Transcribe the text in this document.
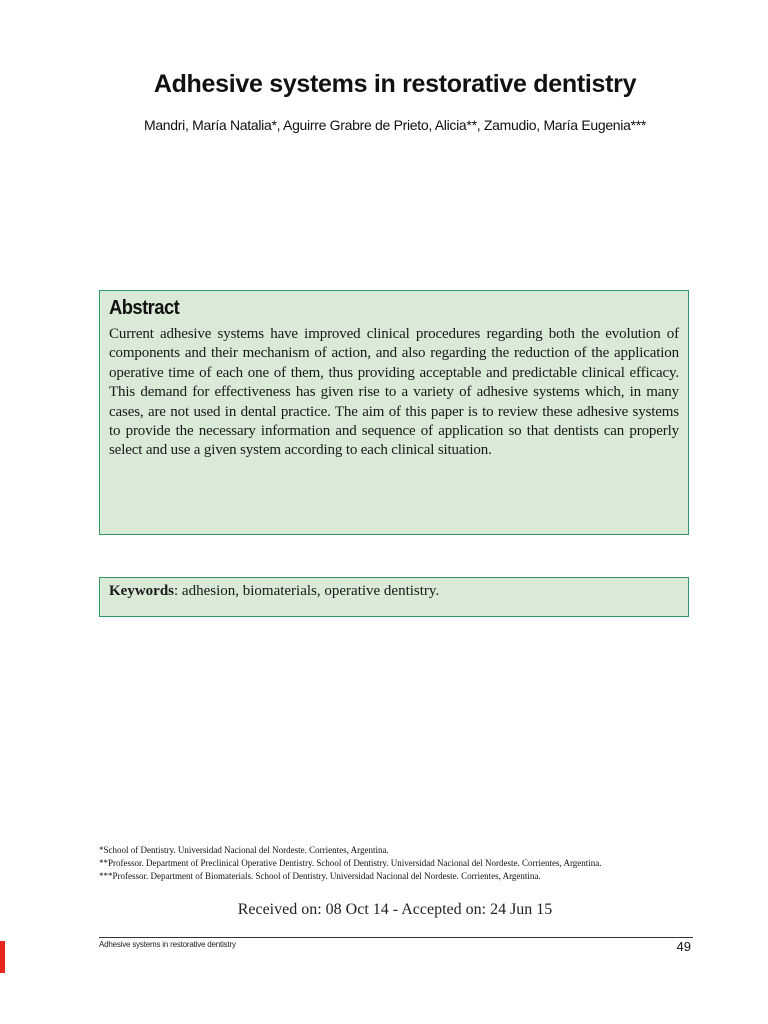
Adhesive systems in restorative dentistry
Mandri, María Natalia*, Aguirre Grabre de Prieto, Alicia**, Zamudio, María Eugenia***
Abstract

Current adhesive systems have improved clinical procedures regarding both the evolution of components and their mechanism of action, and also regarding the reduction of the application operative time of each one of them, thus providing acceptable and predictable clinical efficacy. This demand for effectiveness has given rise to a variety of adhesive systems which, in many cases, are not used in dental practice. The aim of this paper is to review these adhesive systems to provide the necessary information and sequence of application so that dentists can properly select and use a given system according to each clinical situation.

Keywords: adhesion, biomaterials, operative dentistry.

*School of Dentistry. Universidad Nacional del Nordeste. Corrientes, Argentina.

**Professor. Department of Preclinical Operative Dentistry. School of Dentistry. Universidad Nacional del Nordeste. Corrientes, Argentina.

***Professor. Department of Biomaterials. School of Dentistry. Universidad Nacional del Nordeste. Corrientes, Argentina.

Received on: 08 Oct 14 - Accepted on: 24 Jun 15
Adhesive systems in restorative dentistry	49
